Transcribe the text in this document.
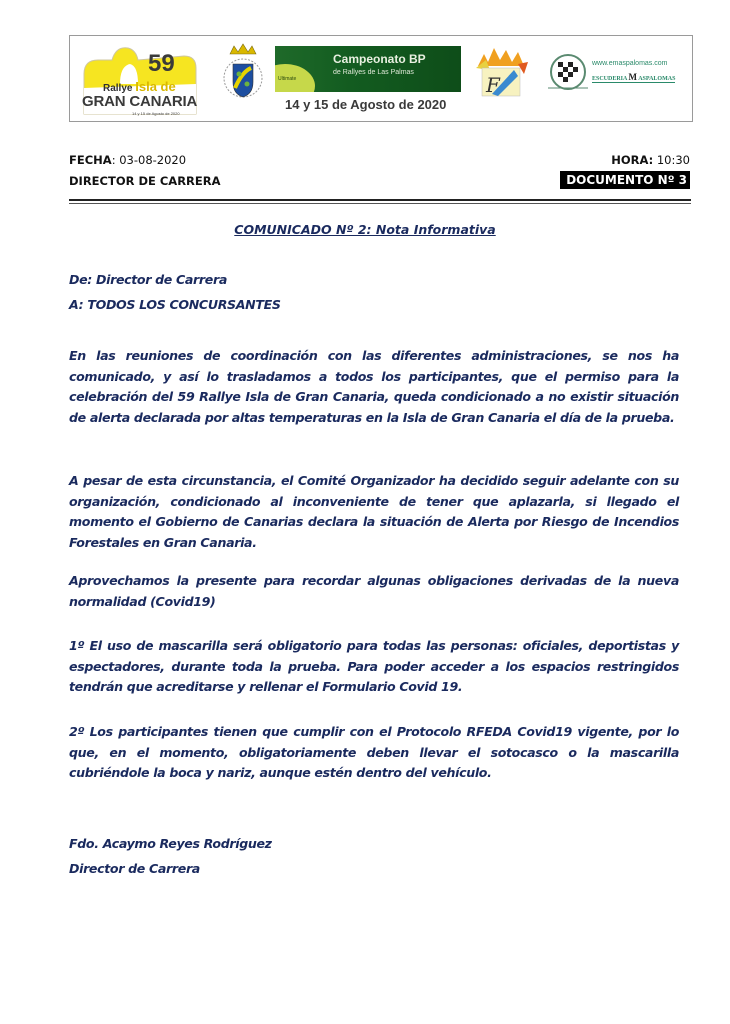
59
Rallye Isla de
GRAN CANARIA
14 y 15 de Agosto de 2020
Ultimate
Campeonato BP
de Rallyes de Las Palmas
14 y 15 de Agosto de 2020
F
www.emaspalomas.com
ESCUDERIA M ASPALOMAS
FECHA: 03-08-2020	HORA: 10:30
DIRECTOR DE CARRERA	DOCUMENTO Nº 3
COMUNICADO Nº 2: Nota Informativa
De: Director de Carrera
A: TODOS LOS CONCURSANTES
En las reuniones de coordinación con las diferentes administraciones, se nos ha comunicado, y así lo trasladamos a todos los participantes, que el permiso para la celebración del 59 Rallye Isla de Gran Canaria, queda condicionado a no existir situación de alerta declarada por altas temperaturas en la Isla de Gran Canaria el día de la prueba.
A pesar de esta circunstancia, el Comité Organizador ha decidido seguir adelante con su organización, condicionado al inconveniente de tener que aplazarla, si llegado el momento el Gobierno de Canarias declara la situación de Alerta por Riesgo de Incendios Forestales en Gran Canaria.
Aprovechamos la presente para recordar algunas obligaciones derivadas de la nueva normalidad (Covid19)
1º El uso de mascarilla será obligatorio para todas las personas: oficiales, deportistas y espectadores, durante toda la prueba. Para poder acceder a los espacios restringidos tendrán que acreditarse y rellenar el Formulario Covid 19.
2º Los participantes tienen que cumplir con el Protocolo RFEDA Covid19 vigente, por lo que, en el momento, obligatoriamente deben llevar el sotocasco o la mascarilla cubriéndole la boca y nariz, aunque estén dentro del vehículo.
Fdo. Acaymo Reyes Rodríguez
Director de Carrera
